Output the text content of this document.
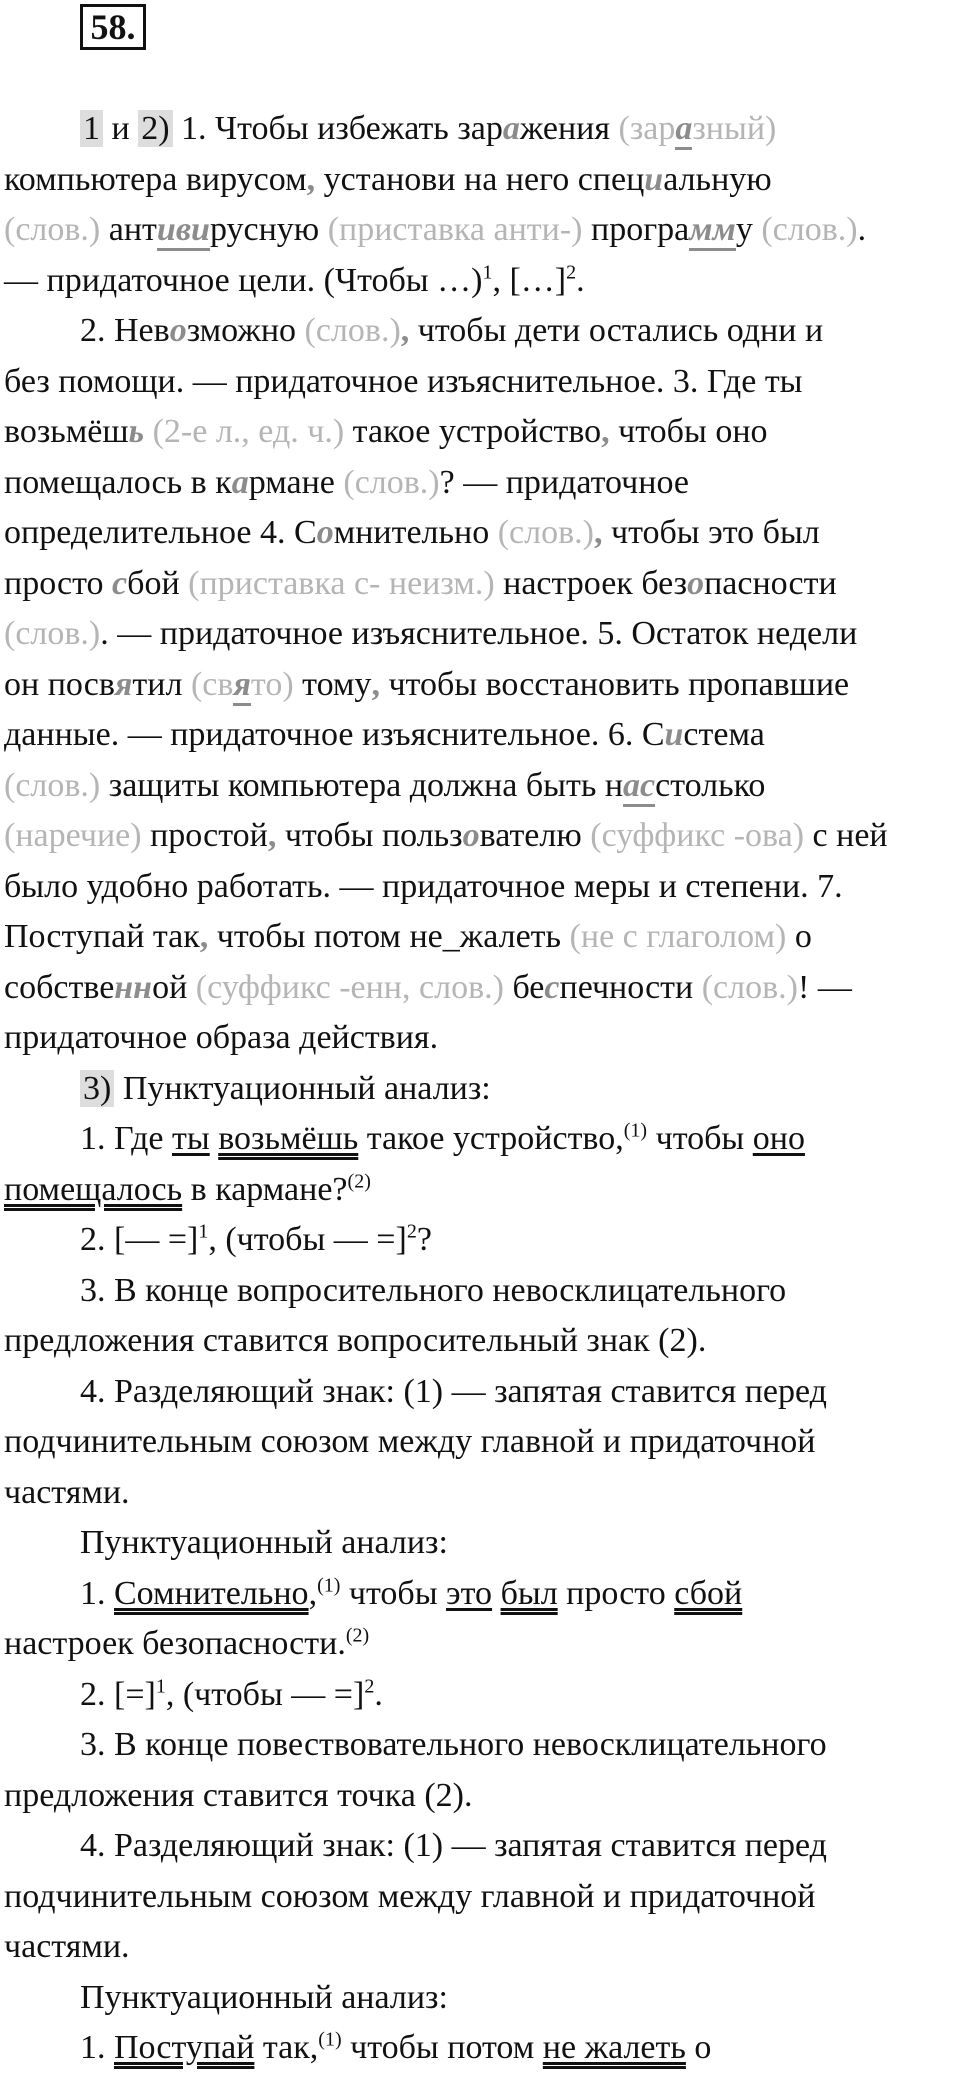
58.

1 и 2) 1. Чтобы избежать заражения (заразный)

компьютера вирусом, установи на него специальную

(слов.) антивирусную (приставка анти-) программу (слов.).

— придаточное цели. (Чтобы …)$^1$, […]$^2$.

2. Невозможно (слов.), чтобы дети остались одни и

без помощи. — придаточное изъяснительное. 3. Где ты

возьмёшь (2-е л., ед. ч.) такое устройство, чтобы оно

помещалось в кармане (слов.)? — придаточное

определительное 4. Сомнительно (слов.), чтобы это был

просто сбой (приставка с- неизм.) настроек безопасности

(слов.). — придаточное изъяснительное. 5. Остаток недели

он посвятил (свято) тому, чтобы восстановить пропавшие

данные. — придаточное изъяснительное. 6. Система

(слов.) защиты компьютера должна быть насстолько

(наречие) простой, чтобы пользователю (суффикс -ова) с ней

было удобно работать. — придаточное меры и степени. 7.

Поступай так, чтобы потом не_жалеть (не с глаголом) о

собственной (суффикс -енн, слов.) беспечности (слов.)! —

придаточное образа действия.

3) Пунктуационный анализ:

1. Где ты возьмёшь такое устройство,$^{(1)}$ чтобы оно

помещалось в кармане?$^{(2)}$

2. [— =]$^1$, (чтобы — =]$^2$?

3. В конце вопросительного невосклицательного

предложения ставится вопросительный знак (2).

4. Разделяющий знак: (1) — запятая ставится перед

подчинительным союзом между главной и придаточной

частями.

Пунктуационный анализ:

1. Сомнительно,$^{(1)}$ чтобы это был просто сбой

настроек безопасности.$^{(2)}$

2. [=]$^1$, (чтобы — =]$^2$.

3. В конце повествовательного невосклицательного

предложения ставится точка (2).

4. Разделяющий знак: (1) — запятая ставится перед

подчинительным союзом между главной и придаточной

частями.

Пунктуационный анализ:

1. Поступай так,$^{(1)}$ чтобы потом не жалеть о
